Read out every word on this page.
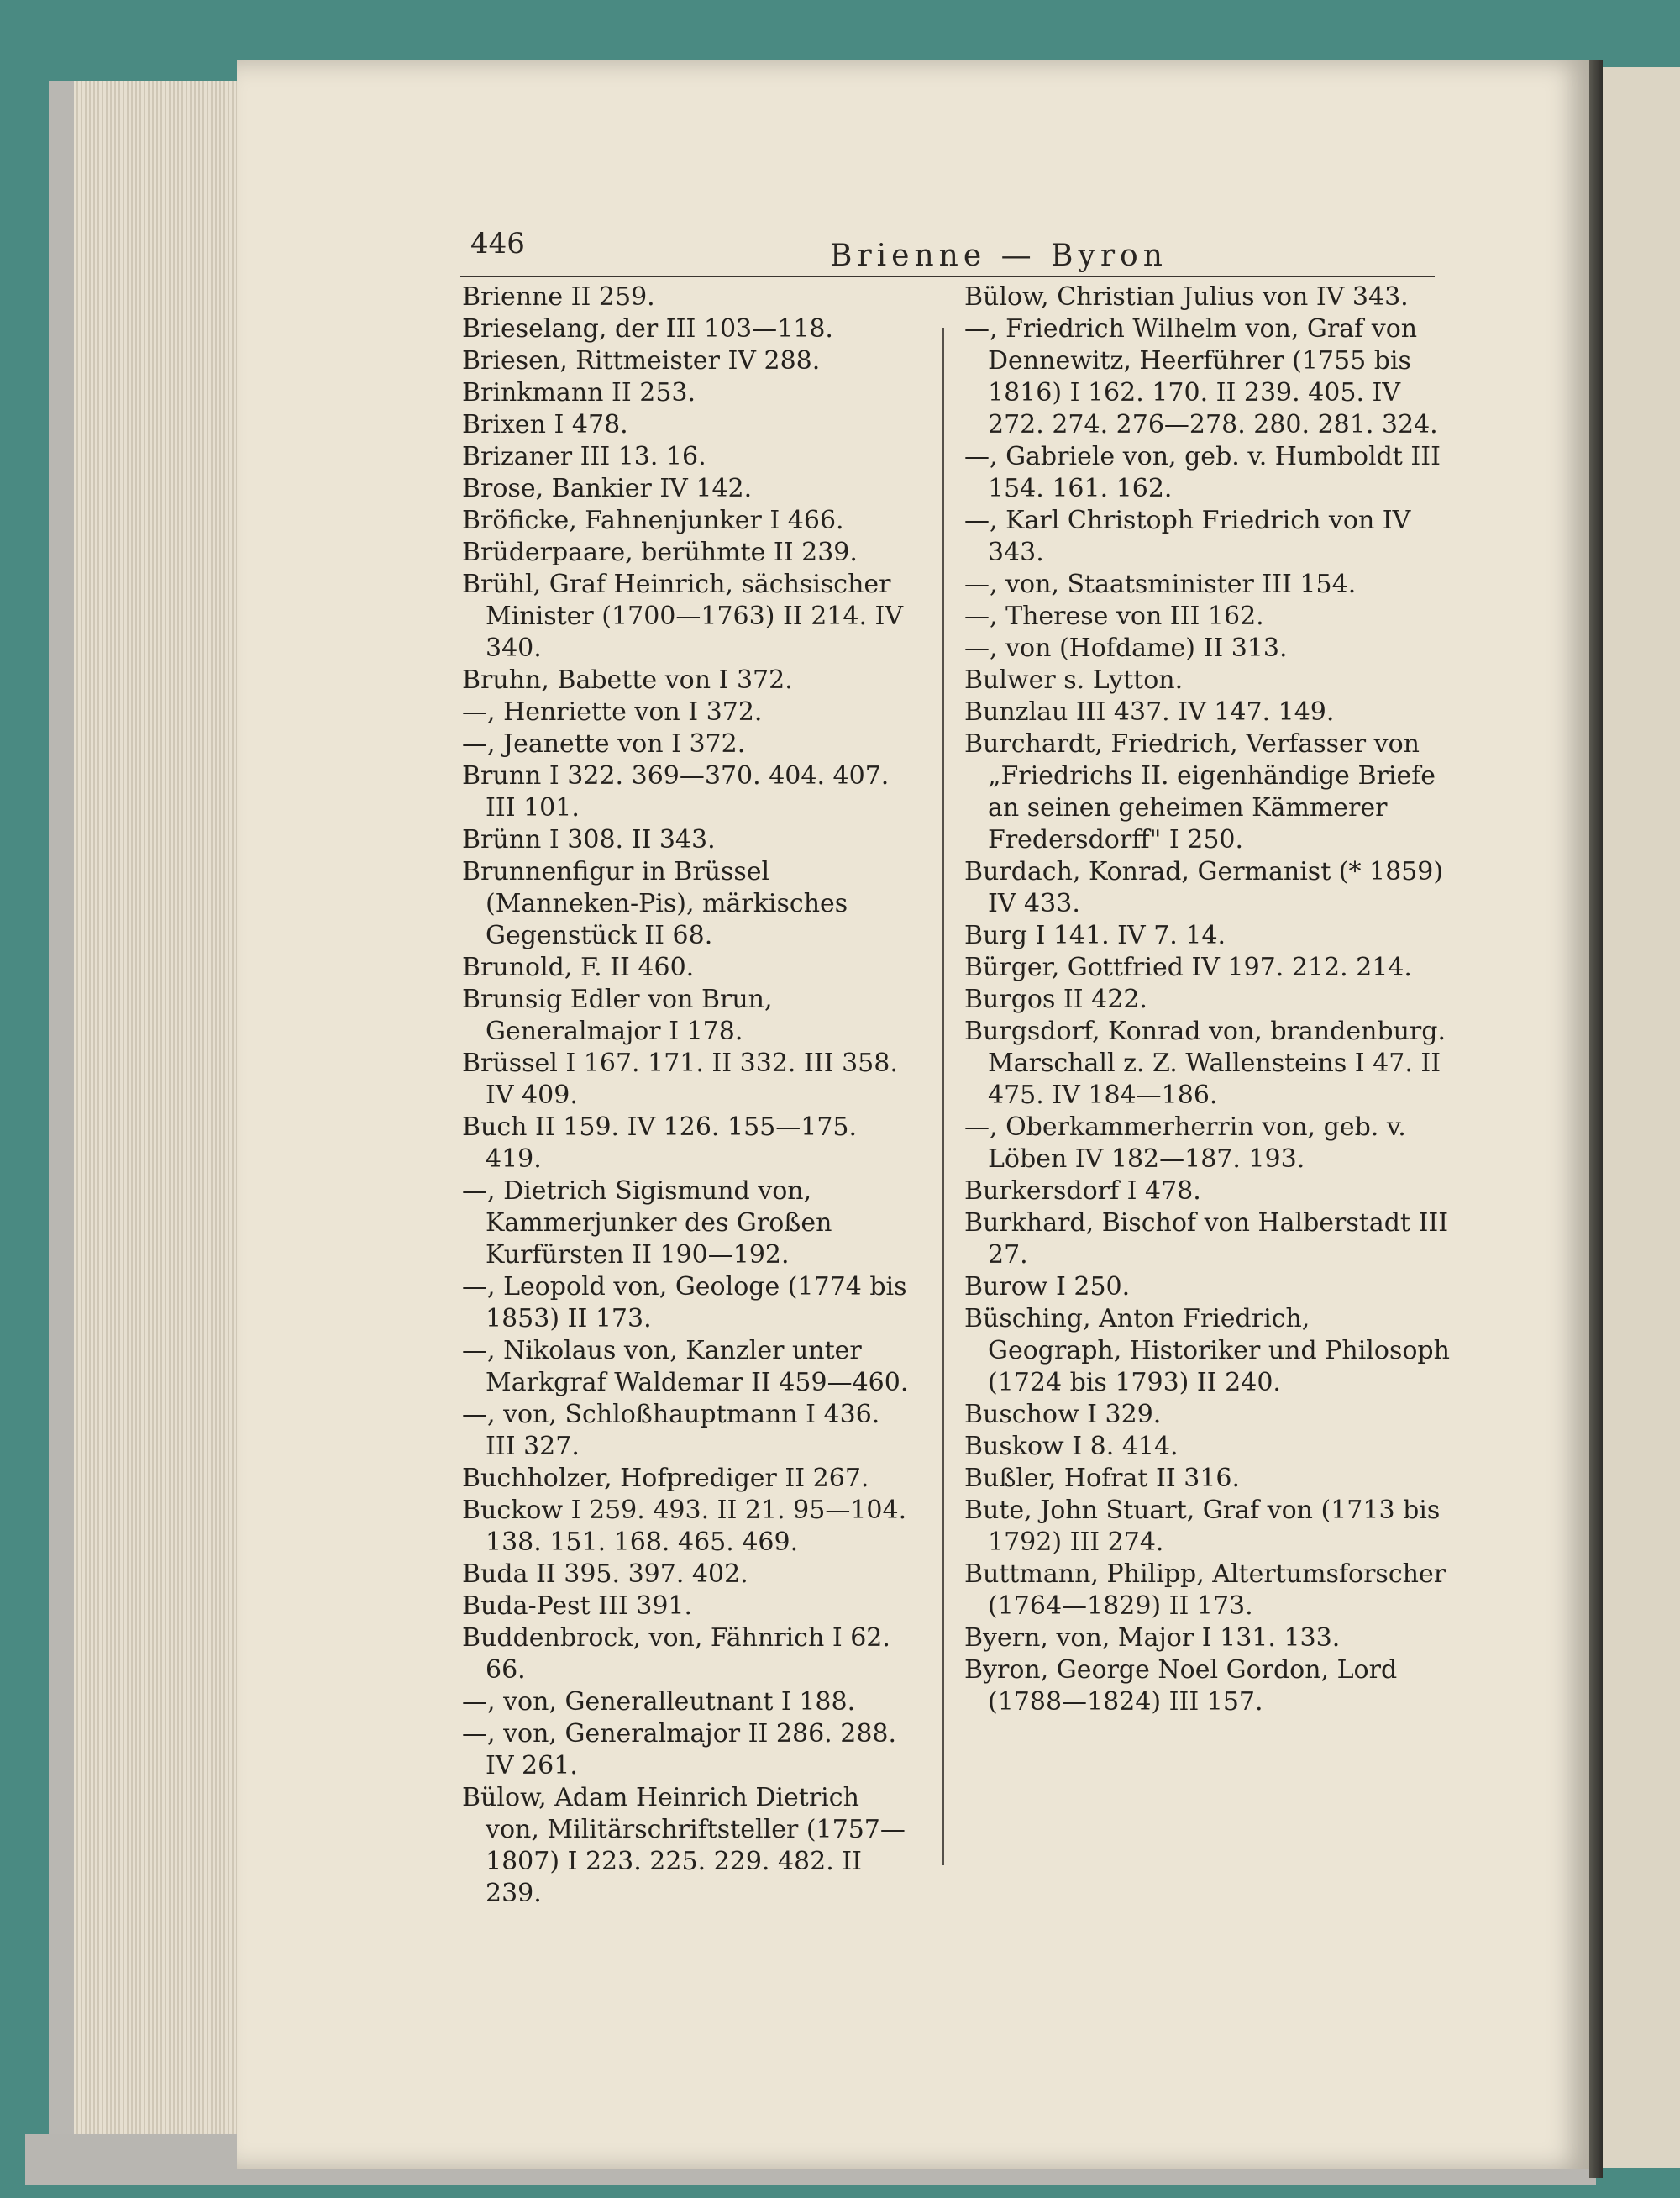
446	Brienne — Byron
Brienne II 259.
Brieselang, der III 103—118.
Briesen, Rittmeister IV 288.
Brinkmann II 253.
Brixen I 478.
Brizaner III 13. 16.
Brose, Bankier IV 142.
Bröficke, Fahnenjunker I 466.
Brüderpaare, berühmte II 239.
Brühl, Graf Heinrich, sächsischer Minister (1700—1763) II 214. IV 340.
Bruhn, Babette von I 372.
—, Henriette von I 372.
—, Jeanette von I 372.
Brunn I 322. 369—370. 404. 407. III 101.
Brünn I 308. II 343.
Brunnenfigur in Brüssel (Manneken-Pis), märkisches Gegenstück II 68.
Brunold, F. II 460.
Brunsig Edler von Brun, Generalmajor I 178.
Brüssel I 167. 171. II 332. III 358. IV 409.
Buch II 159. IV 126. 155—175. 419.
—, Dietrich Sigismund von, Kammerjunker des Großen Kurfürsten II 190—192.
—, Leopold von, Geologe (1774 bis 1853) II 173.
—, Nikolaus von, Kanzler unter Markgraf Waldemar II 459—460.
—, von, Schloßhauptmann I 436. III 327.
Buchholzer, Hofprediger II 267.
Buckow I 259. 493. II 21. 95—104. 138. 151. 168. 465. 469.
Buda II 395. 397. 402.
Buda-Pest III 391.
Buddenbrock, von, Fähnrich I 62. 66.
—, von, Generalleutnant I 188.
—, von, Generalmajor II 286. 288. IV 261.
Bülow, Adam Heinrich Dietrich von, Militärschriftsteller (1757—1807) I 223. 225. 229. 482. II 239.
Bülow, Christian Julius von IV 343.
—, Friedrich Wilhelm von, Graf von Dennewitz, Heerführer (1755 bis 1816) I 162. 170. II 239. 405. IV 272. 274. 276—278. 280. 281. 324.
—, Gabriele von, geb. v. Humboldt III 154. 161. 162.
—, Karl Christoph Friedrich von IV 343.
—, von, Staatsminister III 154.
—, Therese von III 162.
—, von (Hofdame) II 313.
Bulwer s. Lytton.
Bunzlau III 437. IV 147. 149.
Burchardt, Friedrich, Verfasser von „Friedrichs II. eigenhändige Briefe an seinen geheimen Kämmerer Fredersdorff" I 250.
Burdach, Konrad, Germanist (* 1859) IV 433.
Burg I 141. IV 7. 14.
Bürger, Gottfried IV 197. 212. 214.
Burgos II 422.
Burgsdorf, Konrad von, brandenburg. Marschall z. Z. Wallensteins I 47. II 475. IV 184—186.
—, Oberkammerherrin von, geb. v. Löben IV 182—187. 193.
Burkersdorf I 478.
Burkhard, Bischof von Halberstadt III 27.
Burow I 250.
Büsching, Anton Friedrich, Geograph, Historiker und Philosoph (1724 bis 1793) II 240.
Buschow I 329.
Buskow I 8. 414.
Bußler, Hofrat II 316.
Bute, John Stuart, Graf von (1713 bis 1792) III 274.
Buttmann, Philipp, Altertumsforscher (1764—1829) II 173.
Byern, von, Major I 131. 133.
Byron, George Noel Gordon, Lord (1788—1824) III 157.
